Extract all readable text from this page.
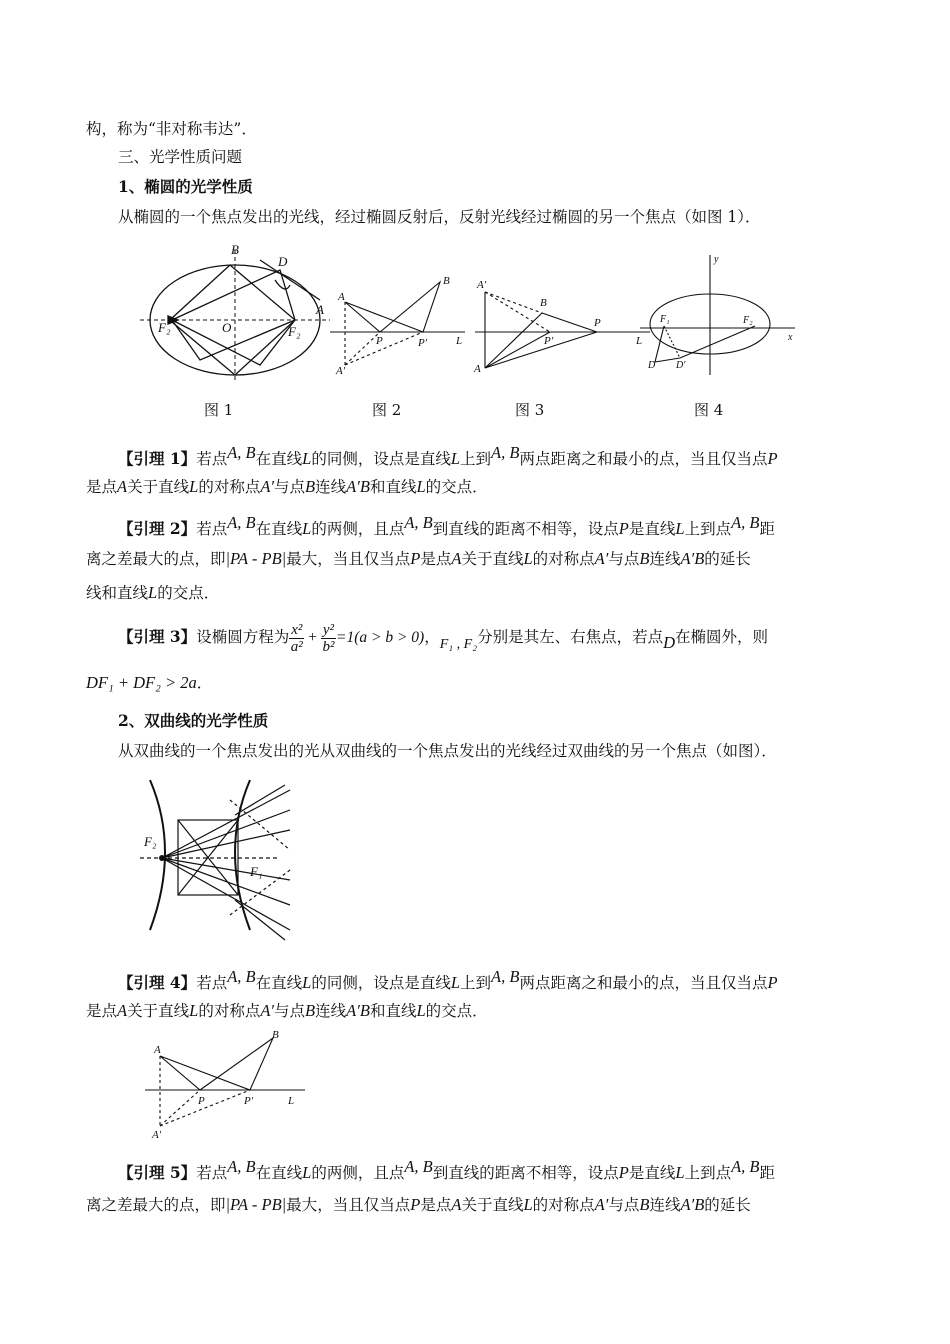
构，称为“非对称韦达”．
三、光学性质问题
1、椭圆的光学性质
从椭圆的一个焦点发出的光线，经过椭圆反射后，反射光线经过椭圆的另一个焦点（如图 1）．
B
D
A
F₂	O	F₂
A
B
P	P′	L
A′
A′
B
P
P′	L
A
y
F₁	F₂
x
D D′
图 1	图 2	图 3	图 4
【引理 1】若点$^{A, B}$在直线L的同侧，设点是直线L上到$^{A, B}$两点距离之和最小的点，当且仅当点P
是点A关于直线L的对称点A′与点B连线A′B和直线L的交点．
【引理 2】若点$^{A, B}$在直线L的两侧，且点$^{A, B}$到直线的距离不相等，设点P是直线L上到点$^{A, B}$距
离之差最大的点，即|PA - PB|最大，当且仅当点P是点A关于直线L的对称点A′与点B连线A′B的延长
线和直线L的交点．
【引理 3】设椭圆方程为 $\frac{\text{x²}}{\text{a²}} + \frac{\text{y²}}{\text{b²}} =1(a > b > 0)$，F₁ , F₂分别是其左、右焦点，若点D在椭圆外，则
DF₁ + DF₂ > 2a．
2、双曲线的光学性质
从双曲线的一个焦点发出的光从双曲线的一个焦点发出的光线经过双曲线的另一个焦点（如图）．
F₂
F₁
【引理 4】若点$^{A, B}$在直线L的同侧，设点是直线L上到$^{A, B}$两点距离之和最小的点，当且仅当点P
是点A关于直线L的对称点A′与点B连线A′B和直线L的交点．
A
B
P	P′	L
A′
【引理 5】若点$^{A, B}$在直线L的两侧，且点$^{A, B}$到直线的距离不相等，设点P是直线L上到点$^{A, B}$距
离之差最大的点，即|PA - PB|最大，当且仅当点P是点A关于直线L的对称点A′与点B连线A′B的延长
